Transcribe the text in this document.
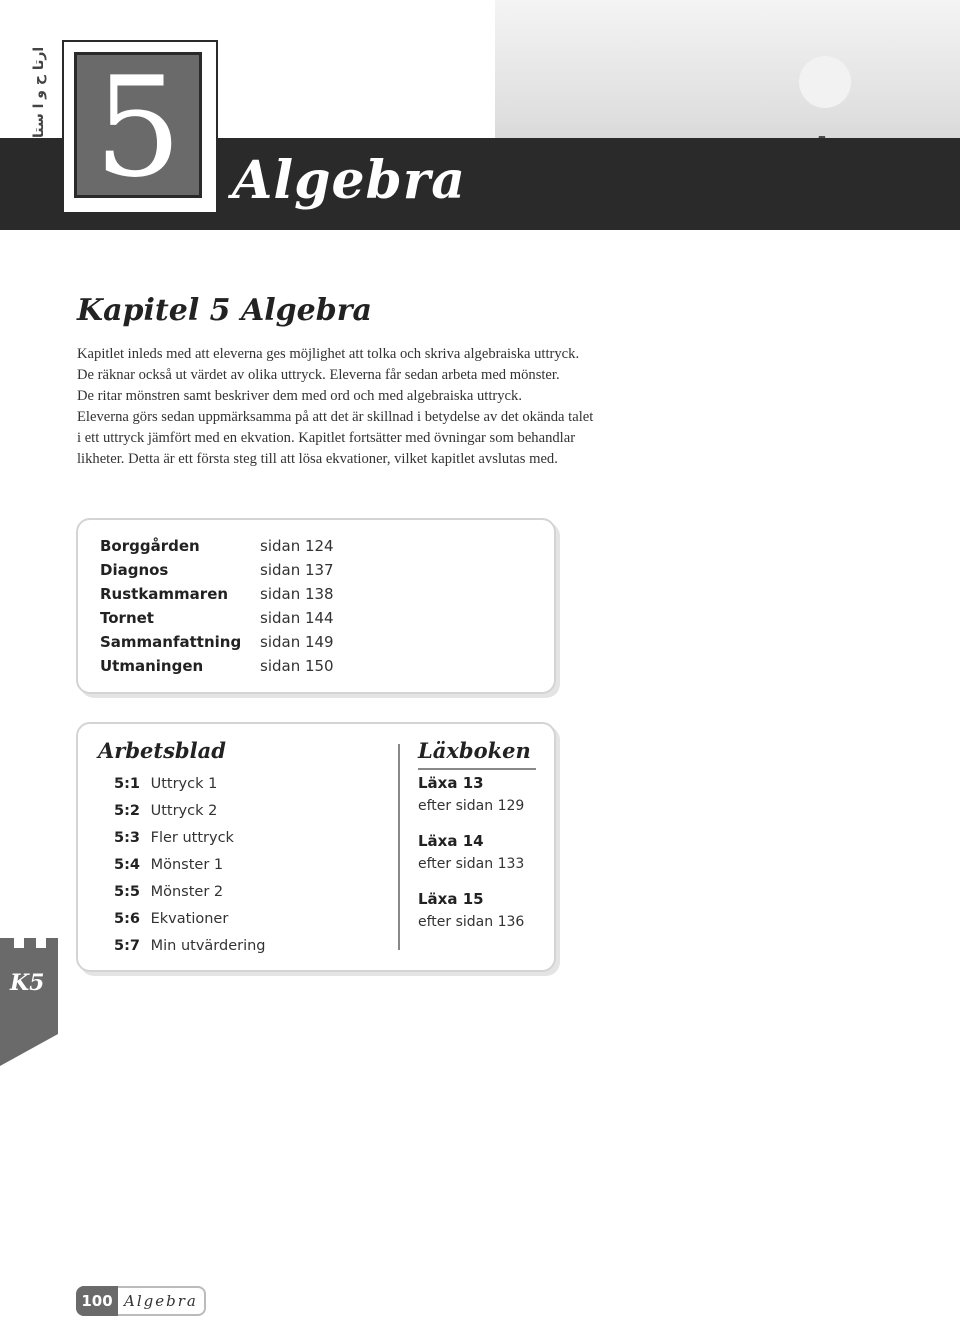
ارتا ح و ا ستا 5 Algebra
Kapitel 5 Algebra
Kapitlet inleds med att eleverna ges möjlighet att tolka och skriva algebraiska uttryck.
De räknar också ut värdet av olika uttryck. Eleverna får sedan arbeta med mönster.
De ritar mönstren samt beskriver dem med ord och med algebraiska uttryck.
Eleverna görs sedan uppmärksamma på att det är skillnad i betydelse av det okända talet
i ett uttryck jämfört med en ekvation. Kapitlet fortsätter med övningar som behandlar
likheter. Detta är ett första steg till att lösa ekvationer, vilket kapitlet avslutas med.
Borggården	sidan 124
Diagnos	sidan 137
Rustkammaren	sidan 138
Tornet	sidan 144
Sammanfattning	sidan 149
Utmaningen	sidan 150
Arbetsblad	Läxboken
5:1 Uttryck 1
5:2 Uttryck 2
5:3 Fler uttryck
5:4 Mönster 1
5:5 Mönster 2
5:6 Ekvationer
5:7 Min utvärdering
Läxa 13
efter sidan 129
Läxa 14
efter sidan 133
Läxa 15
efter sidan 136
K5
100 Algebra
